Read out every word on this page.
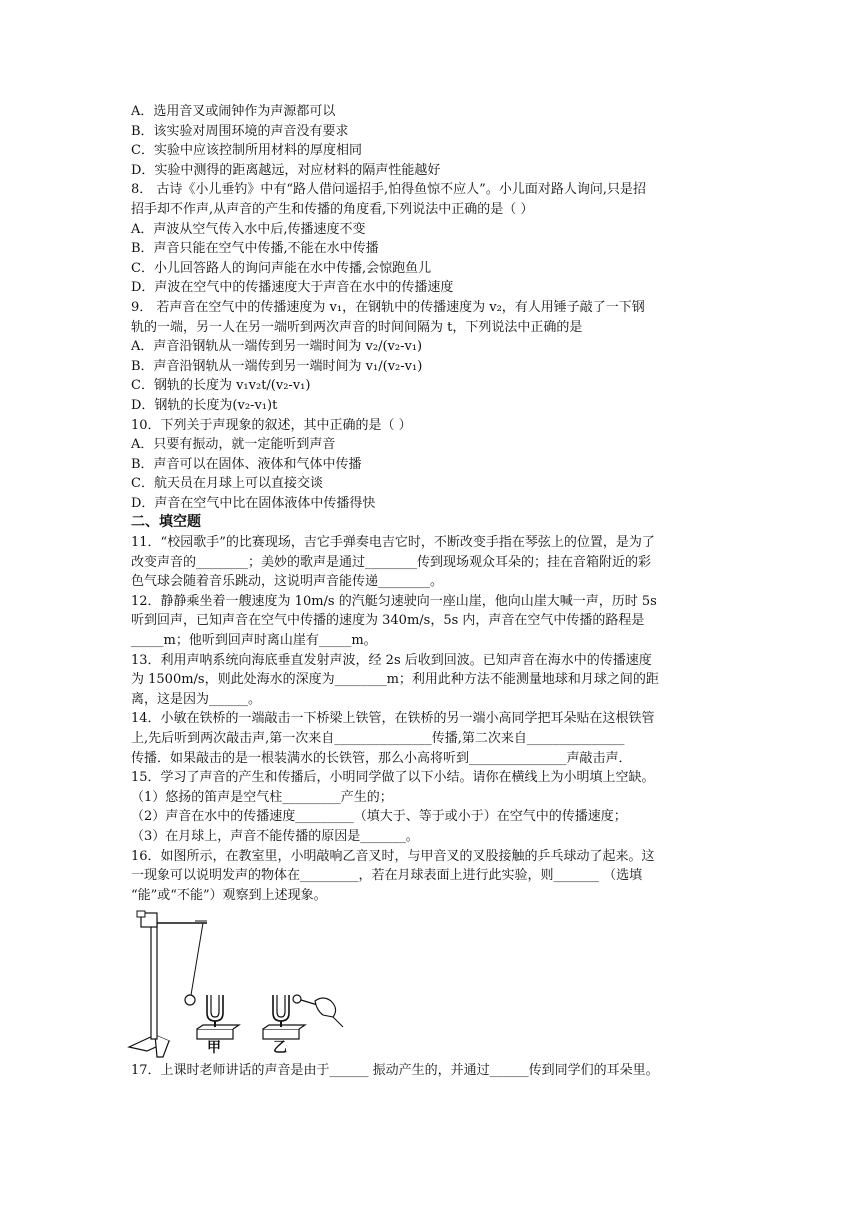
A．选用音叉或闹钟作为声源都可以
B．该实验对周围环境的声音没有要求
C．实验中应该控制所用材料的厚度相同
D．实验中测得的距离越远，对应材料的隔声性能越好
8． 古诗《小儿垂钓》中有“路人借问遥招手,怕得鱼惊不应人”。小儿面对路人询问,只是招
招手却不作声,从声音的产生和传播的角度看,下列说法中正确的是（ ）
A．声波从空气传入水中后,传播速度不变
B．声音只能在空气中传播,不能在水中传播
C．小儿回答路人的询问声能在水中传播,会惊跑鱼儿
D．声波在空气中的传播速度大于声音在水中的传播速度
9． 若声音在空气中的传播速度为 v₁，在钢轨中的传播速度为 v₂，有人用锤子敲了一下钢
轨的一端，另一人在另一端听到两次声音的时间间隔为 t，下列说法中正确的是
A．声音沿钢轨从一端传到另一端时间为 v₂/(v₂-v₁)
B．声音沿钢轨从一端传到另一端时间为 v₁/(v₂-v₁)
C．钢轨的长度为 v₁v₂t/(v₂-v₁)
D．钢轨的长度为(v₂-v₁)t
10．下列关于声现象的叙述，其中正确的是（ ）
A．只要有振动，就一定能听到声音
B．声音可以在固体、液体和气体中传播
C．航天员在月球上可以直接交谈
D．声音在空气中比在固体液体中传播得快
二、填空题
11．“校园歌手”的比赛现场，吉它手弹奏电吉它时，不断改变手指在琴弦上的位置，是为了
改变声音的________；美妙的歌声是通过________传到现场观众耳朵的；挂在音箱附近的彩
色气球会随着音乐跳动，这说明声音能传递________。
12．静静乘坐着一艘速度为 10m/s 的汽艇匀速驶向一座山崖，他向山崖大喊一声，历时 5s
听到回声，已知声音在空气中传播的速度为 340m/s，5s 内，声音在空气中传播的路程是
_____m；他听到回声时离山崖有_____m。
13．利用声呐系统向海底垂直发射声波，经 2s 后收到回波。已知声音在海水中的传播速度
为 1500m/s，则此处海水的深度为________m；利用此种方法不能测量地球和月球之间的距
离，这是因为______。
14．小敏在铁桥的一端敲击一下桥梁上铁管，在铁桥的另一端小高同学把耳朵贴在这根铁管
上,先后听到两次敲击声,第一次来自_______________传播,第二次来自_______________
传播．如果敲击的是一根装满水的长铁管，那么小高将听到_______________声敲击声．
15．学习了声音的产生和传播后，小明同学做了以下小结。请你在横线上为小明填上空缺。
（1）悠扬的笛声是空气柱_________产生的；
（2）声音在水中的传播速度_________（填大于、等于或小于）在空气中的传播速度；
（3）在月球上，声音不能传播的原因是_______。
16．如图所示，在教室里，小明敲响乙音叉时，与甲音叉的叉股接触的乒乓球动了起来。这
一现象可以说明发声的物体在_________，若在月球表面上进行此实验，则_______ （选填
“能”或“不能”）观察到上述现象。
甲	乙
17．上课时老师讲话的声音是由于______ 振动产生的，并通过______传到同学们的耳朵里。
